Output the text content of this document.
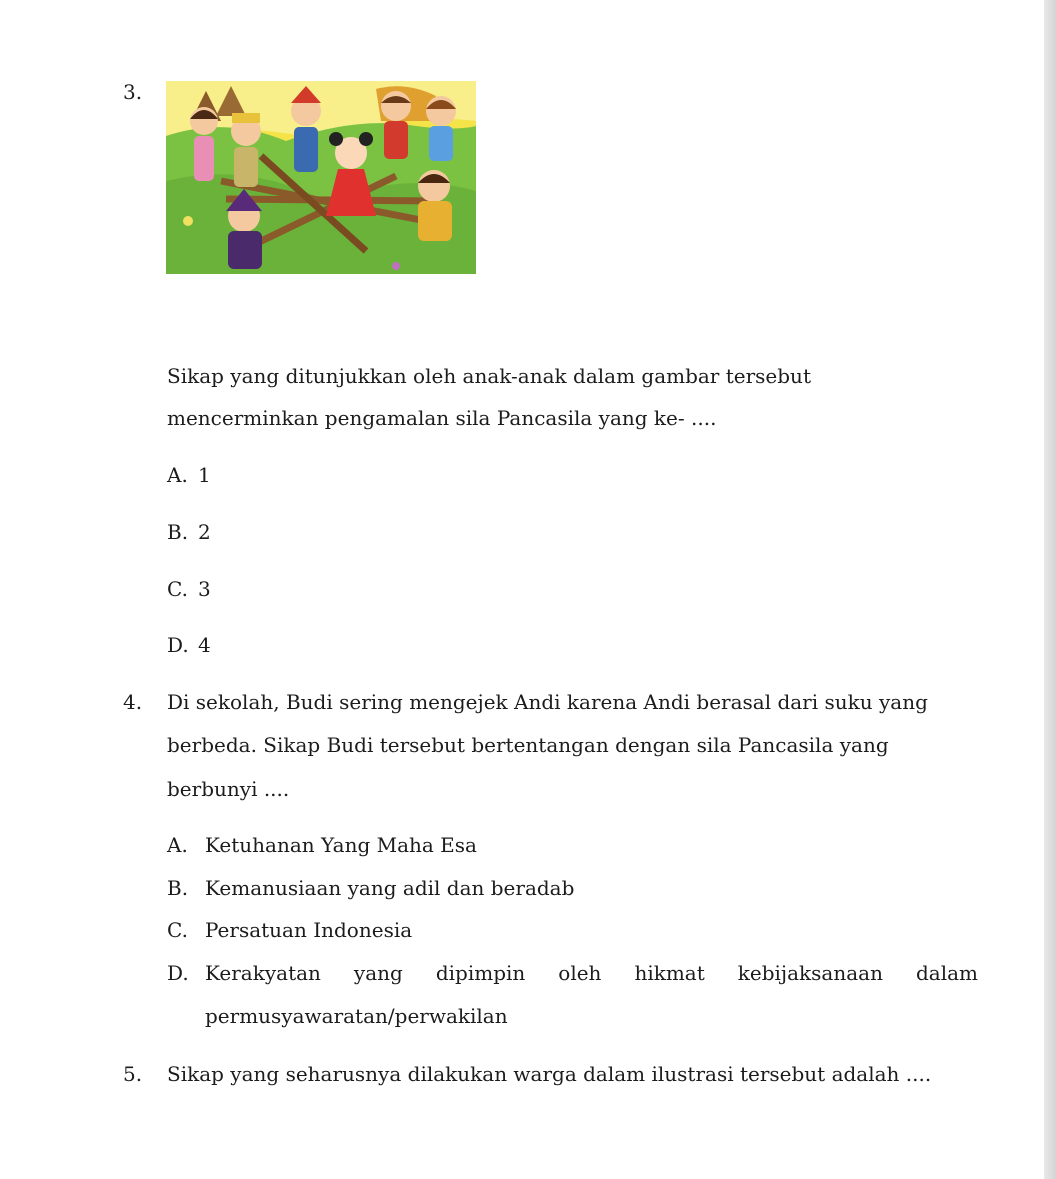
3.
Sikap yang ditunjukkan oleh anak-anak dalam gambar tersebut
mencerminkan pengamalan sila Pancasila yang ke- ....
A. 1
B. 2
C. 3
D. 4
4. Di sekolah, Budi sering mengejek Andi karena Andi berasal dari suku yang
berbeda. Sikap Budi tersebut bertentangan dengan sila Pancasila yang
berbunyi ....
A. Ketuhanan Yang Maha Esa
B. Kemanusiaan yang adil dan beradab
C. Persatuan Indonesia
D. Kerakyatan yang dipimpin oleh hikmat kebijaksanaan dalam
permusyawaratan/perwakilan
5. Sikap yang seharusnya dilakukan warga dalam ilustrasi tersebut adalah ....
